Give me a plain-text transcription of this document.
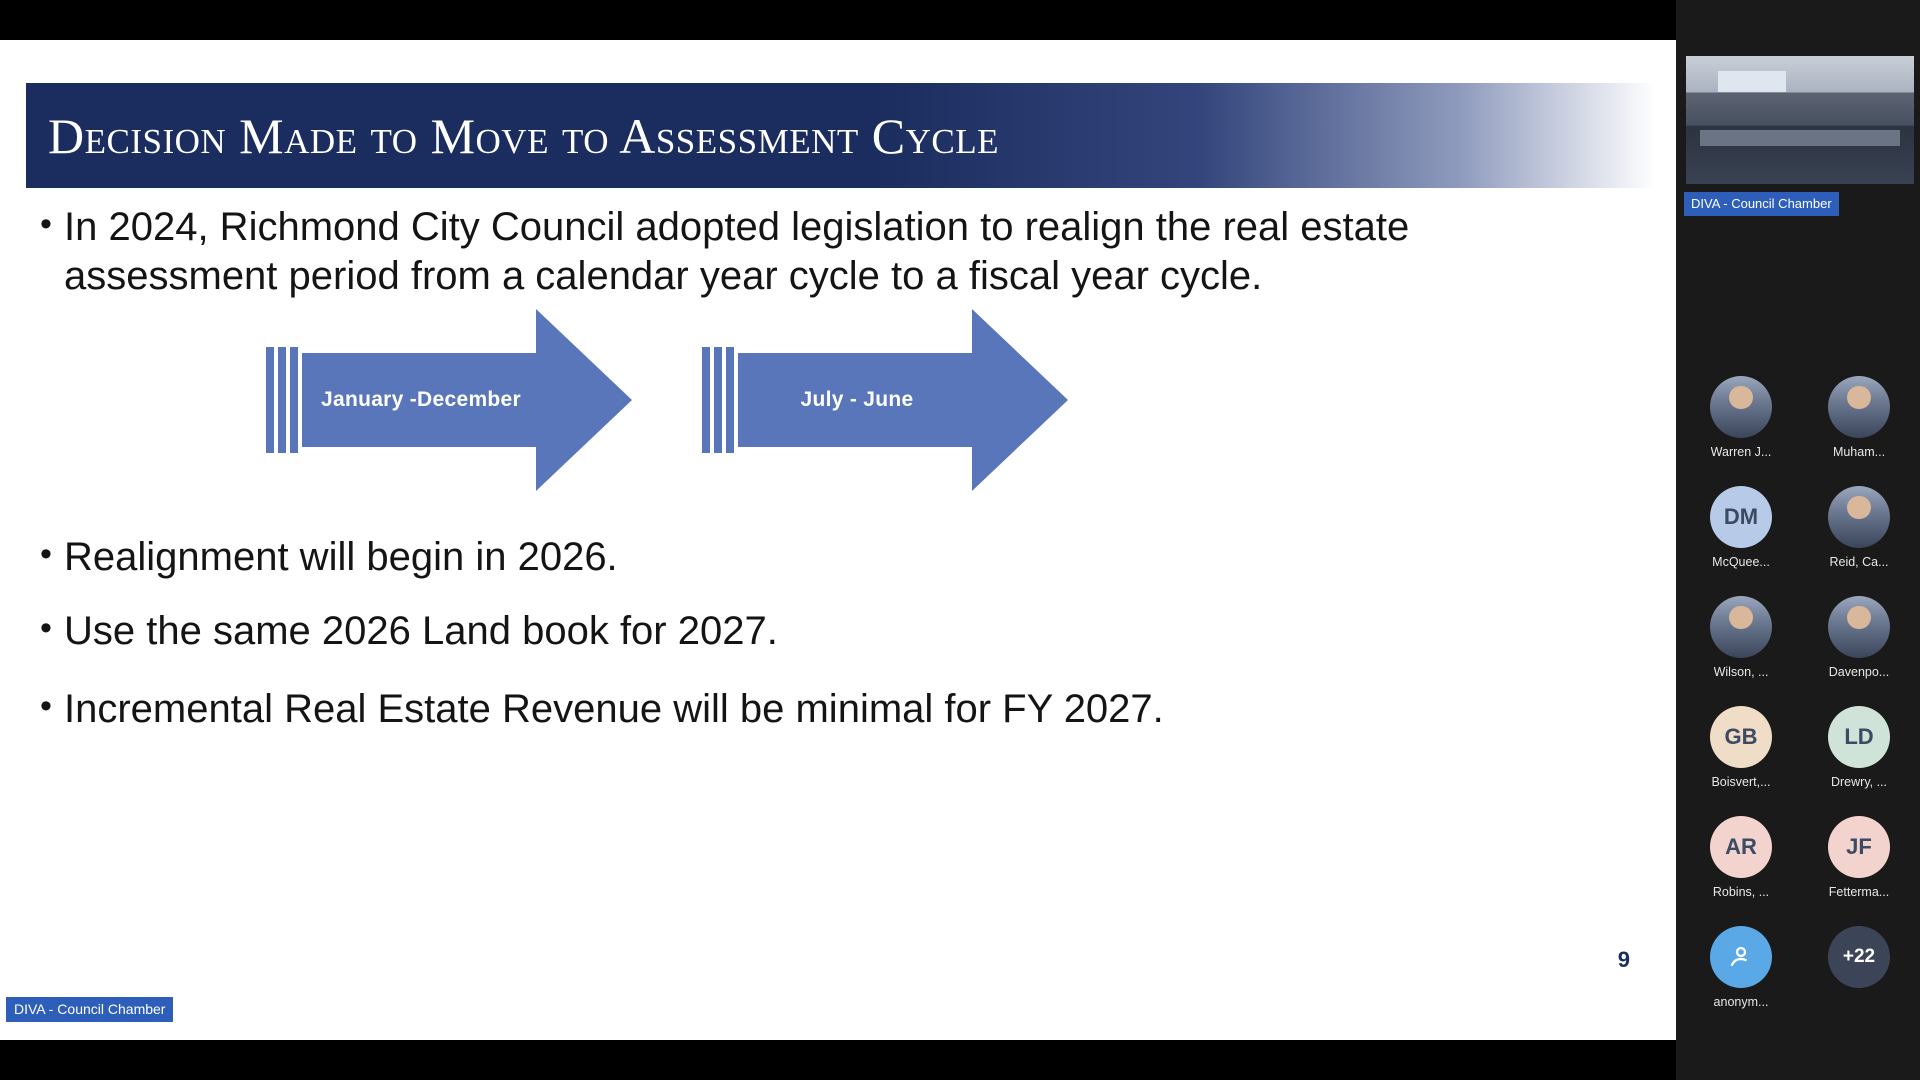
Decision Made to Move to Assessment Cycle
• In 2024, Richmond City Council adopted legislation to realign the real estate assessment period from a calendar year cycle to a fiscal year cycle.
January -December	July - June
• Realignment will begin in 2026.
• Use the same 2026 Land book for 2027.
• Incremental Real Estate Revenue will be minimal for FY 2027.
9
DIVA - Council Chamber
DIVA - Council Chamber
Warren J...	Muham...
DM
McQuee...	Reid, Ca...
Wilson, ...	Davenpo...
GB
Boisvert,...
LD
Drewry, ...
AR
Robins, ...
JF
Fetterma...
anonym...
+22
